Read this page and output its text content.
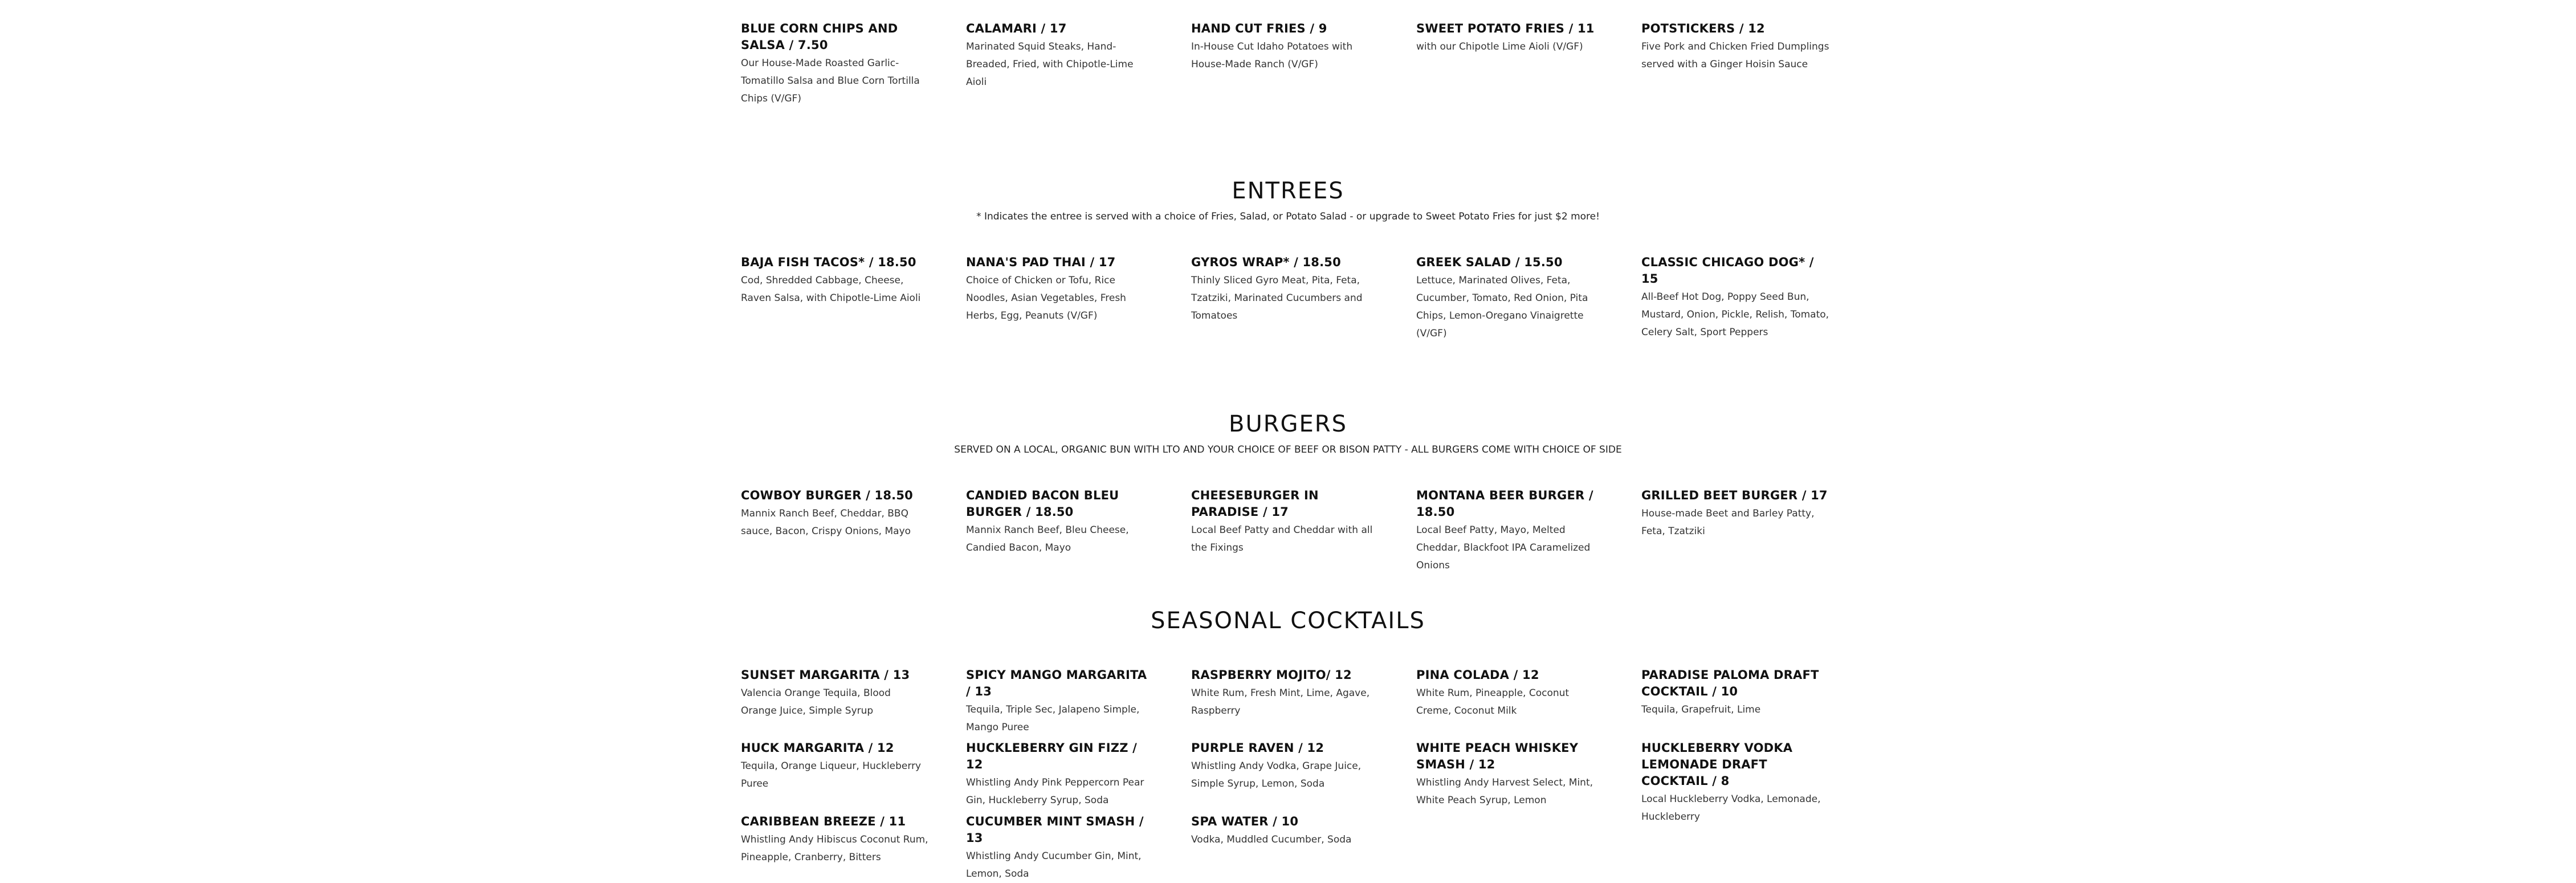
BLUE CORN CHIPS AND SALSA / 7.50
Our House-Made Roasted Garlic-Tomatillo Salsa and Blue Corn Tortilla Chips (V/GF)
CALAMARI / 17
Marinated Squid Steaks, Hand-Breaded, Fried, with Chipotle-Lime Aioli
HAND CUT FRIES / 9
In-House Cut Idaho Potatoes with House-Made Ranch (V/GF)
SWEET POTATO FRIES / 11
with our Chipotle Lime Aioli (V/GF)
POTSTICKERS / 12
Five Pork and Chicken Fried Dumplings served with a Ginger Hoisin Sauce
ENTREES
* Indicates the entree is served with a choice of Fries, Salad, or Potato Salad - or upgrade to Sweet Potato Fries for just $2 more!
BAJA FISH TACOS* / 18.50
Cod, Shredded Cabbage, Cheese, Raven Salsa, with Chipotle-Lime Aioli
NANA'S PAD THAI / 17
Choice of Chicken or Tofu, Rice Noodles, Asian Vegetables, Fresh Herbs, Egg, Peanuts (V/GF)
GYROS WRAP* / 18.50
Thinly Sliced Gyro Meat, Pita, Feta, Tzatziki, Marinated Cucumbers and Tomatoes
GREEK SALAD / 15.50
Lettuce, Marinated Olives, Feta, Cucumber, Tomato, Red Onion, Pita Chips, Lemon-Oregano Vinaigrette (V/GF)
CLASSIC CHICAGO DOG* / 15
All-Beef Hot Dog, Poppy Seed Bun, Mustard, Onion, Pickle, Relish, Tomato, Celery Salt, Sport Peppers
BURGERS
SERVED ON A LOCAL, ORGANIC BUN WITH LTO AND YOUR CHOICE OF BEEF OR BISON PATTY - ALL BURGERS COME WITH CHOICE OF SIDE
COWBOY BURGER / 18.50
Mannix Ranch Beef, Cheddar, BBQ sauce, Bacon, Crispy Onions, Mayo
CANDIED BACON BLEU BURGER / 18.50
Mannix Ranch Beef, Bleu Cheese, Candied Bacon, Mayo
CHEESEBURGER IN PARADISE / 17
Local Beef Patty and Cheddar with all the Fixings
MONTANA BEER BURGER / 18.50
Local Beef Patty, Mayo, Melted Cheddar, Blackfoot IPA Caramelized Onions
GRILLED BEET BURGER / 17
House-made Beet and Barley Patty, Feta, Tzatziki
SEASONAL COCKTAILS
SUNSET MARGARITA / 13
Valencia Orange Tequila, Blood Orange Juice, Simple Syrup
SPICY MANGO MARGARITA / 13
Tequila, Triple Sec, Jalapeno Simple, Mango Puree
RASPBERRY MOJITO/ 12
White Rum, Fresh Mint, Lime, Agave, Raspberry
PINA COLADA / 12
White Rum, Pineapple, Coconut Creme, Coconut Milk
PARADISE PALOMA DRAFT COCKTAIL / 10
Tequila, Grapefruit, Lime
HUCK MARGARITA / 12
Tequila, Orange Liqueur, Huckleberry Puree
HUCKLEBERRY GIN FIZZ / 12
Whistling Andy Pink Peppercorn Pear Gin, Huckleberry Syrup, Soda
PURPLE RAVEN / 12
Whistling Andy Vodka, Grape Juice, Simple Syrup, Lemon, Soda
WHITE PEACH WHISKEY SMASH / 12
Whistling Andy Harvest Select, Mint, White Peach Syrup, Lemon
HUCKLEBERRY VODKA LEMONADE DRAFT COCKTAIL / 8
Local Huckleberry Vodka, Lemonade, Huckleberry
CARIBBEAN BREEZE / 11
Whistling Andy Hibiscus Coconut Rum, Pineapple, Cranberry, Bitters
CUCUMBER MINT SMASH / 13
Whistling Andy Cucumber Gin, Mint, Lemon, Soda
SPA WATER / 10
Vodka, Muddled Cucumber, Soda
